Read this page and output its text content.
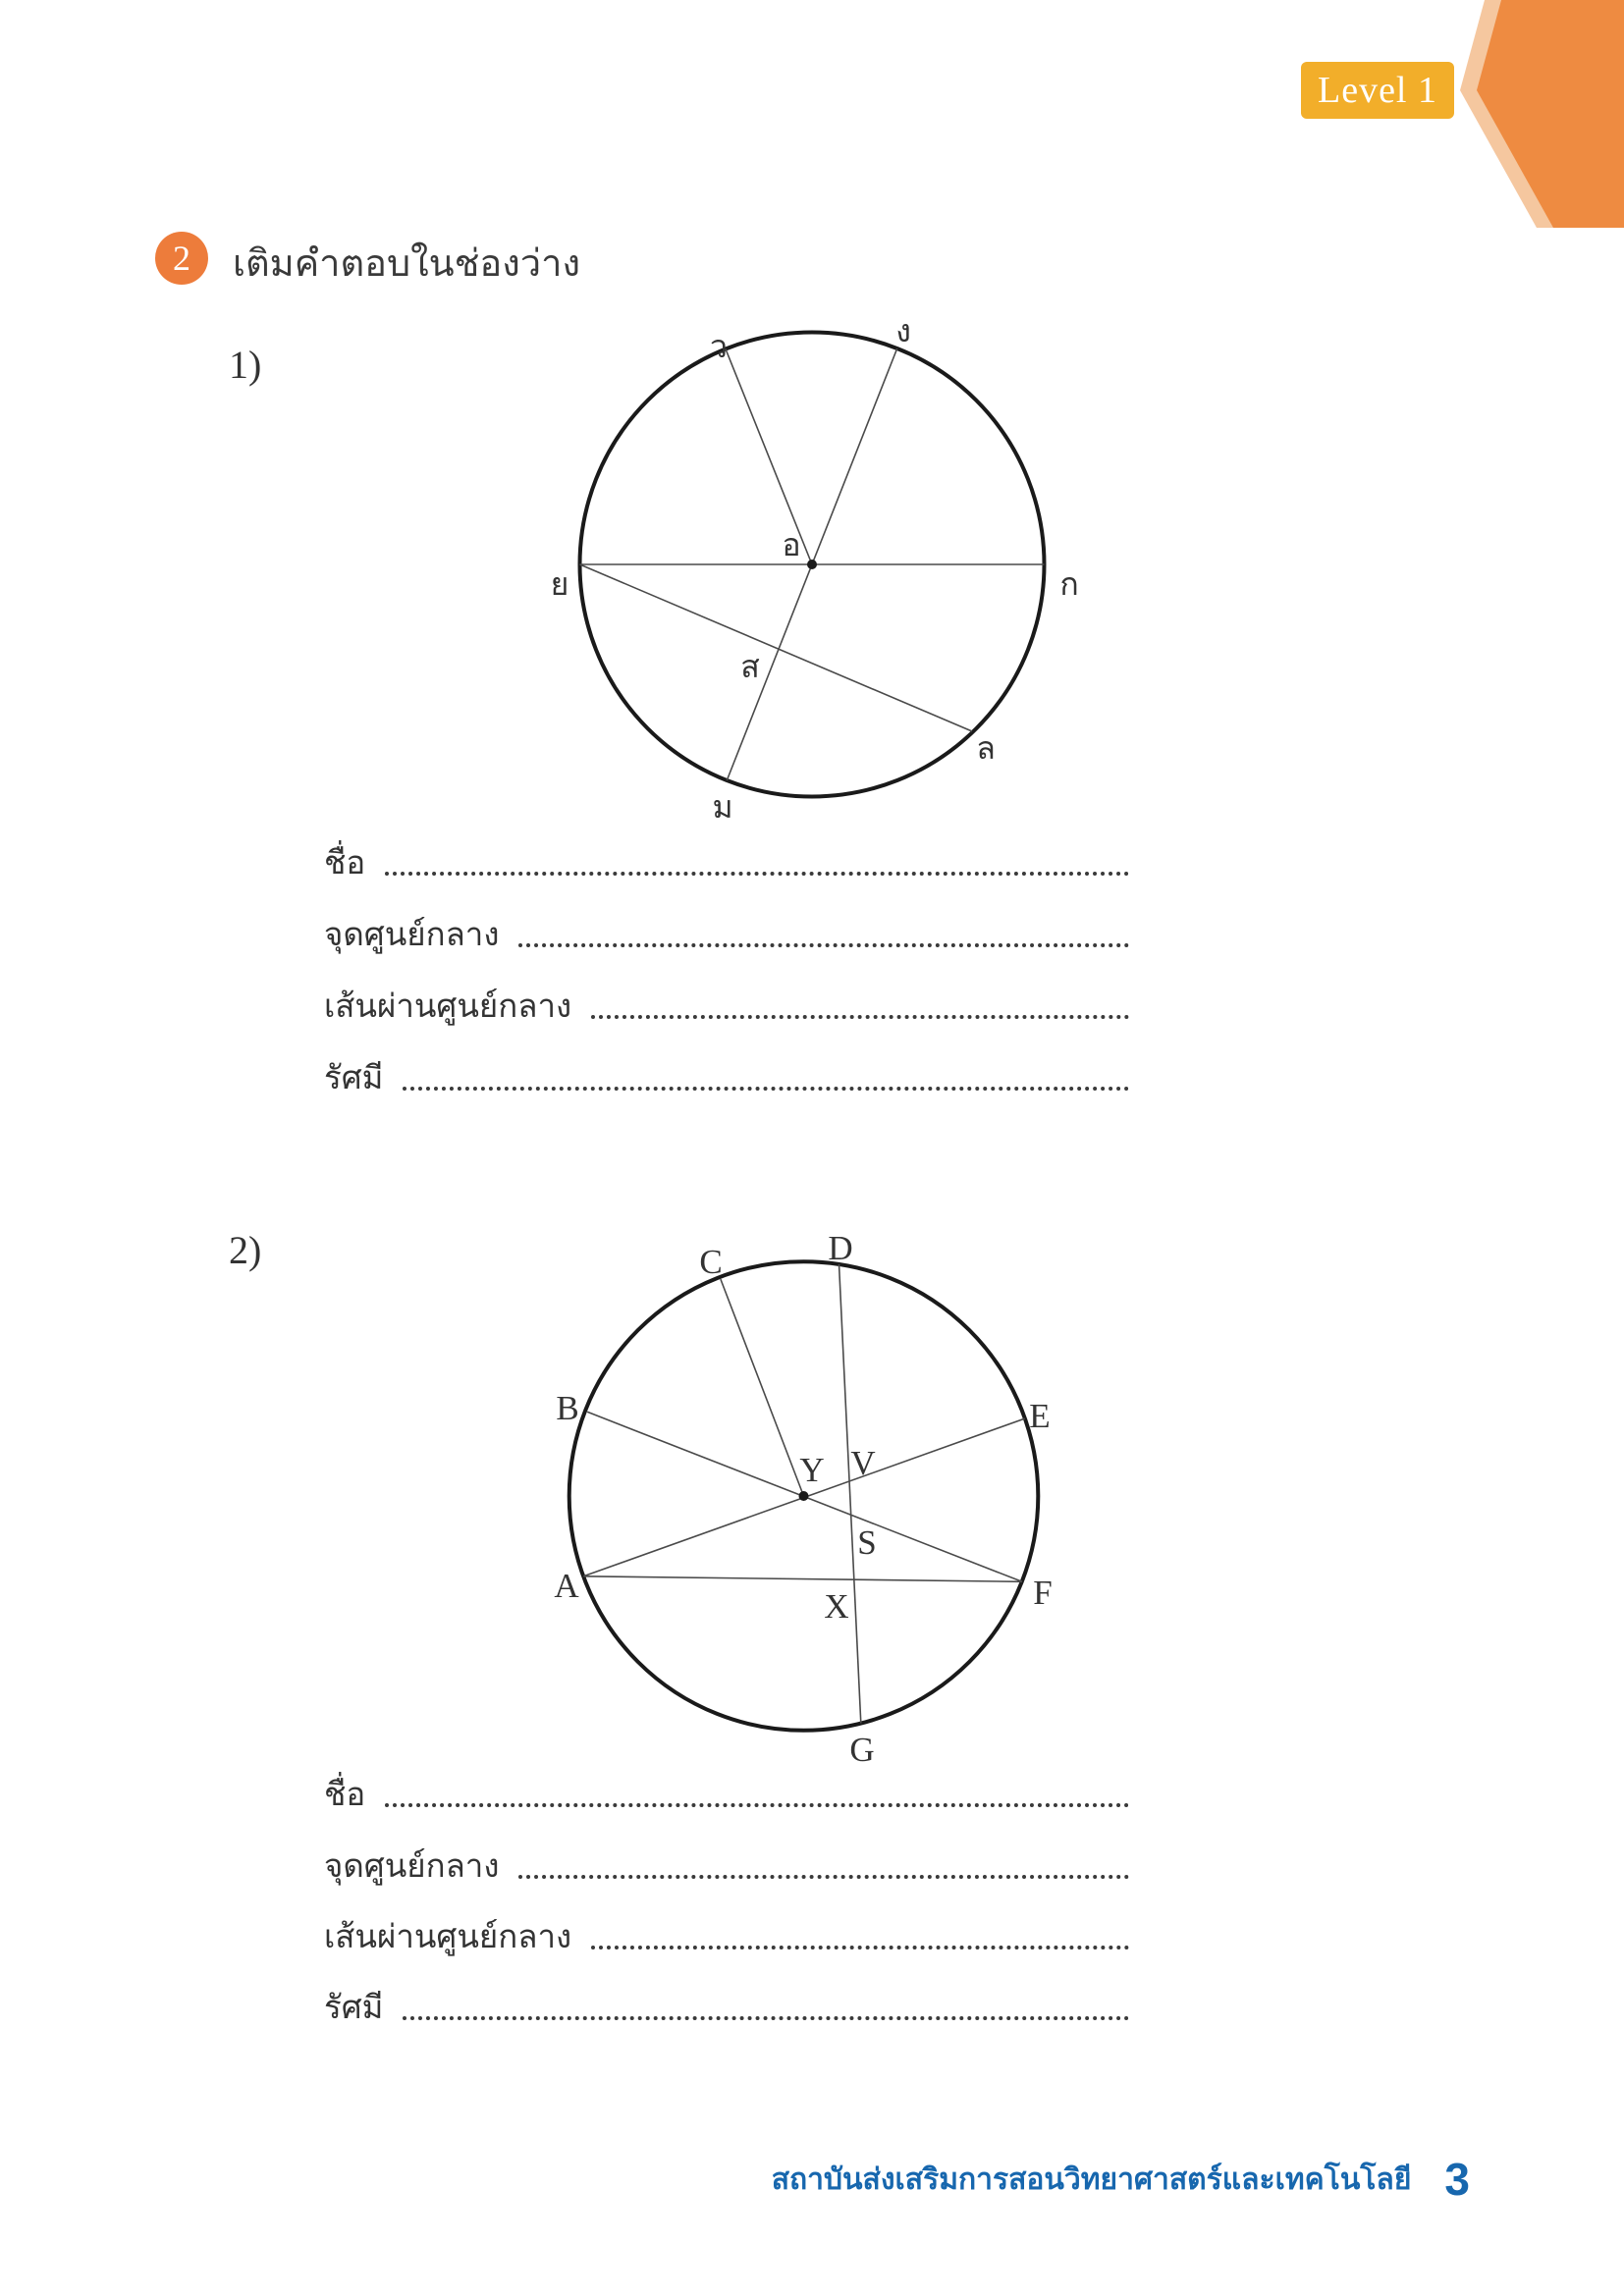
Level 1
2 เติมคำตอบในช่องว่าง
1)	ว	ง
ย	ก
อ
ส
ม
ล
ชื่อ
จุดศูนย์กลาง
เส้นผ่านศูนย์กลาง
รัศมี
2)	C	D
B	E
Y V
S
A	F
X
G
ชื่อ
จุดศูนย์กลาง
เส้นผ่านศูนย์กลาง
รัศมี
สถาบันส่งเสริมการสอนวิทยาศาสตร์และเทคโนโลยี 3
